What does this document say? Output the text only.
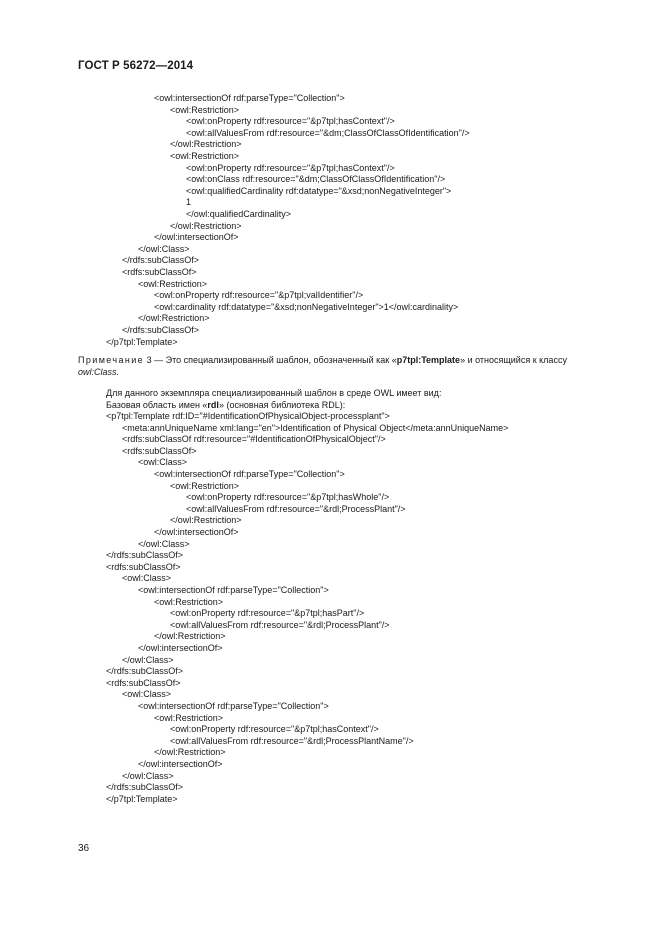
ГОСТ Р 56272—2014
<owl:intersectionOf rdf:parseType="Collection">
<owl:Restriction>
<owl:onProperty rdf:resource="&p7tpl;hasContext"/>
<owl:allValuesFrom rdf:resource="&dm;ClassOfClassOfIdentification"/>
</owl:Restriction>
<owl:Restriction>
<owl:onProperty rdf:resource="&p7tpl;hasContext"/>
<owl:onClass rdf:resource="&dm;ClassOfClassOfIdentification"/>
<owl:qualifiedCardinality rdf:datatype="&xsd;nonNegativeInteger">
1
</owl:qualifiedCardinality>
</owl:Restriction>
</owl:intersectionOf>
</owl:Class>
</rdfs:subClassOf>
<rdfs:subClassOf>
<owl:Restriction>
<owl:onProperty rdf:resource="&p7tpl;valIdentifier"/>
<owl:cardinality rdf:datatype="&xsd;nonNegativeInteger">1</owl:cardinality>
</owl:Restriction>
</rdfs:subClassOf>
</p7tpl:Template>
Примечание 3 — Это специализированный шаблон, обозначенный как «p7tpl:Template» и относящийся к классу owl:Class.
Для данного экземпляра специализированный шаблон в среде OWL имеет вид:
Базовая область имен «rdl» (основная библиотека RDL):
<p7tpl:Template rdf:ID="#IdentificationOfPhysicalObject-processplant">
<meta:annUniqueName xml:lang="en">Identification of Physical Object</meta:annUniqueName>
<rdfs:subClassOf rdf:resource="#IdentificationOfPhysicalObject"/>
<rdfs:subClassOf>
<owl:Class>
<owl:intersectionOf rdf:parseType="Collection">
<owl:Restriction>
<owl:onProperty rdf:resource="&p7tpl;hasWhole"/>
<owl:allValuesFrom rdf:resource="&rdl;ProcessPlant"/>
</owl:Restriction>
</owl:intersectionOf>
</owl:Class>
</rdfs:subClassOf>
<rdfs:subClassOf>
<owl:Class>
<owl:intersectionOf rdf:parseType="Collection">
<owl:Restriction>
<owl:onProperty rdf:resource="&p7tpl;hasPart"/>
<owl:allValuesFrom rdf:resource="&rdl;ProcessPlant"/>
</owl:Restriction>
</owl:intersectionOf>
</owl:Class>
</rdfs:subClassOf>
<rdfs:subClassOf>
<owl:Class>
<owl:intersectionOf rdf:parseType="Collection">
<owl:Restriction>
<owl:onProperty rdf:resource="&p7tpl;hasContext"/>
<owl:allValuesFrom rdf:resource="&rdl;ProcessPlantName"/>
</owl:Restriction>
</owl:intersectionOf>
</owl:Class>
</rdfs:subClassOf>
</p7tpl:Template>
36
